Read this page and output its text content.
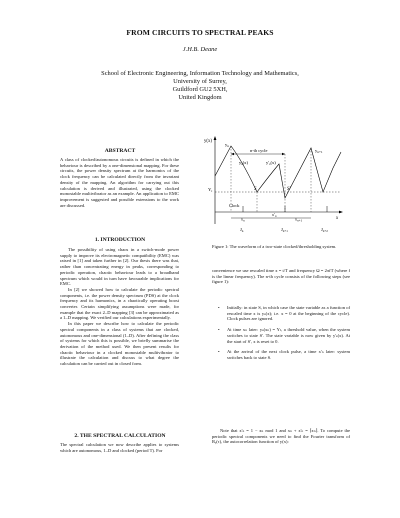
FROM CIRCUITS TO SPECTRAL PEAKS
J.H.B. Deane
School of Electronic Engineering, Information Technology and Mathematics,
University of Surrey,
Guildford GU2 5XH,
United Kingdom
ABSTRACT

A class of clocked/autonomous circuits is defined in which the behaviour is described by a one-dimensional mapping. For these circuits, the power density spectrum at the harmonics of the clock frequency can be calculated directly from the invariant density of the mapping. An algorithm for carrying out this calculation is derived and illustrated, using the clocked monostable multivibrator as an example. An application to EMC improvement is suggested and possible extensions to the work are discussed.

1. INTRODUCTION

The possibility of using chaos in a switch-mode power supply to improve its electromagnetic compatibility (EMC) was raised in [1] and taken further in [2]. Our thesis there was that, rather than concentrating energy in peaks, corresponding to periodic operation, chaotic behaviour leads to a broadband spectrum which would in turn have favourable implications for EMC.

In [2] we showed how to calculate the periodic spectral components, i.e. the power density spectrum (PDS) at the clock frequency and its harmonics, in a chaotically operating boost converter. Certain simplifying assumptions were made, for example that the exact 2–D mapping [3] can be approximated as a 1–D mapping. We verified our calculations experimentally.

In this paper we describe how to calculate the periodic spectral components in a class of systems that are clocked, autonomous and one-dimensional (1–D). After defining the class of systems for which this is possible, we briefly summarise the derivation of the method used. We then present results for chaotic behaviour in a clocked monostable multivibrator to illustrate the calculation and discuss to what degree the calculation can be carried out in closed form.

2. THE SPECTRAL CALCULATION

The spectral calculation we now describe applies to systems which are autonomous, 1–D and clocked (period T). For

y(x)
x
$Y_t$
n-th cycle
$y_n$
$y_s(x)$	$y'_s(x)$
$y_{n+1}$
S	S'
Clock
$x_n$
$x'_n$
$x_{n+1}$
$J_n$	$J_{n+1}$	$J_{n+2}$
Figure 1: The waveform of a two-state clocked/thresholding system.

convenience we use rescaled time x = t/T and frequency Ω = 2πfT (where f is the linear frequency). The n-th cycle consists of the following steps (see figure 1):

• Initially: in state S, in which case the state variable as a function of rescaled time x is yₛ(x); i.e. x = 0 at the beginning of the cycle). Clock pulses are ignored.
• At time xₙ later: yₛ(xₙ) = Yₜ, a threshold value, when the system switches to state S'. The state variable is now given by y'ₛ(x). At the start of S', x is reset to 0.
• At the arrival of the next clock pulse, a time x'ₙ later: system switches back to state S.

Note that x'ₙ = 1 − xₙ mod 1 and xₙ + x'ₙ = ⌈xₙ⌉. To compute the periodic spectral components we need to find the Fourier transform of Rᵧ(τ), the autocorrelation function of y(x):
